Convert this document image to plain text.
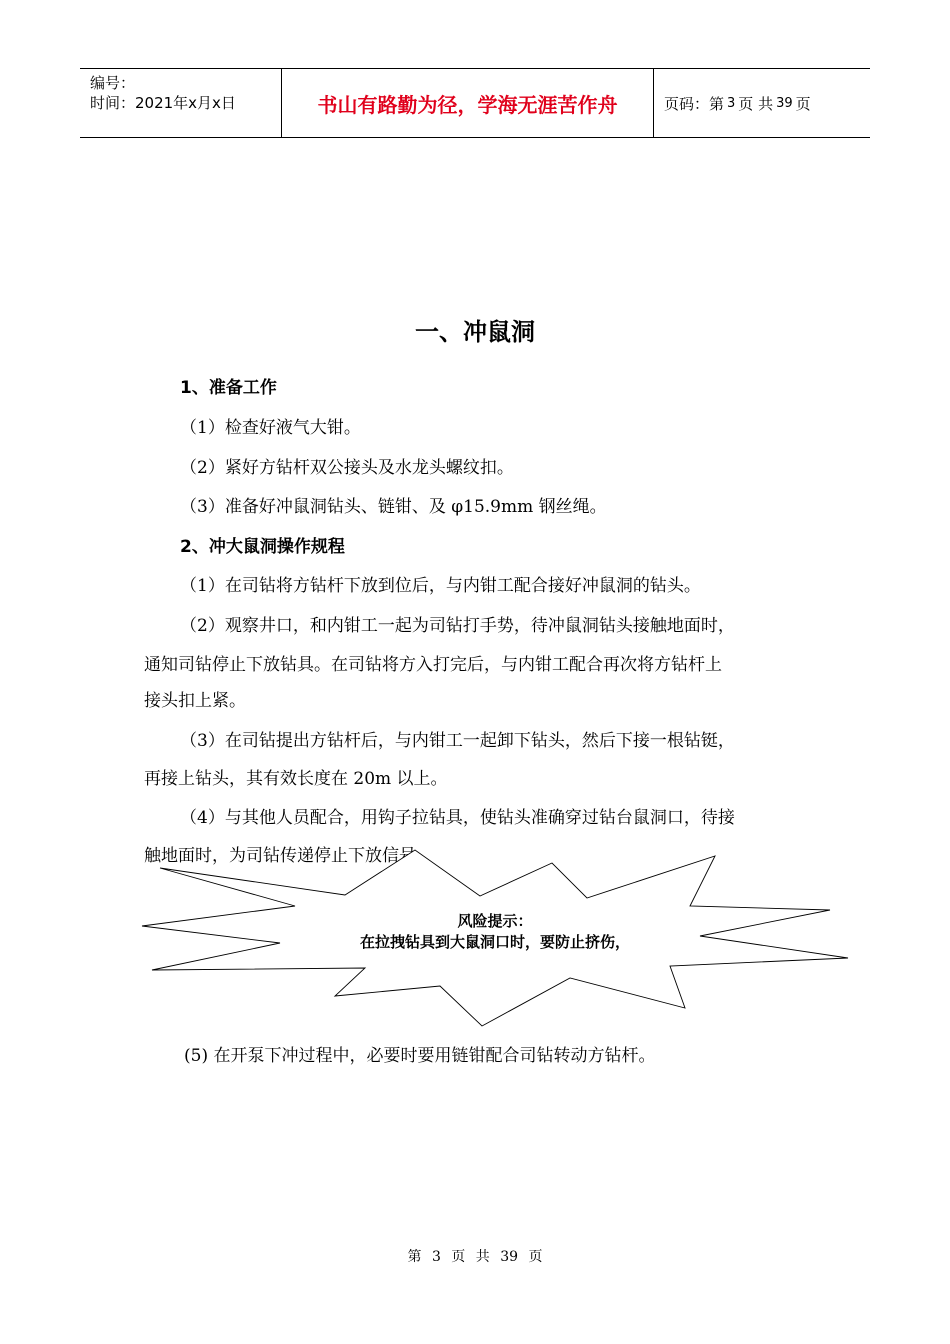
编号：
时间：2021年x月x日	书山有路勤为径，学海无涯苦作舟	页码：第 3 页 共 39 页
一、冲鼠洞
1、准备工作
（1）检查好液气大钳。
（2）紧好方钻杆双公接头及水龙头螺纹扣。
（3）准备好冲鼠洞钻头、链钳、及 φ15.9mm 钢丝绳。
2、冲大鼠洞操作规程
（1）在司钻将方钻杆下放到位后，与内钳工配合接好冲鼠洞的钻头。
（2）观察井口，和内钳工一起为司钻打手势，待冲鼠洞钻头接触地面时，
通知司钻停止下放钻具。在司钻将方入打完后，与内钳工配合再次将方钻杆上
接头扣上紧。
（3）在司钻提出方钻杆后，与内钳工一起卸下钻头，然后下接一根钻铤，
再接上钻头，其有效长度在 20m 以上。
（4）与其他人员配合，用钩子拉钻具，使钻头准确穿过钻台鼠洞口，待接
触地面时，为司钻传递停止下放信号。
风险提示：
在拉拽钻具到大鼠洞口时，要防止挤伤，
(5) 在开泵下冲过程中，必要时要用链钳配合司钻转动方钻杆。
第 3 页 共 39 页
